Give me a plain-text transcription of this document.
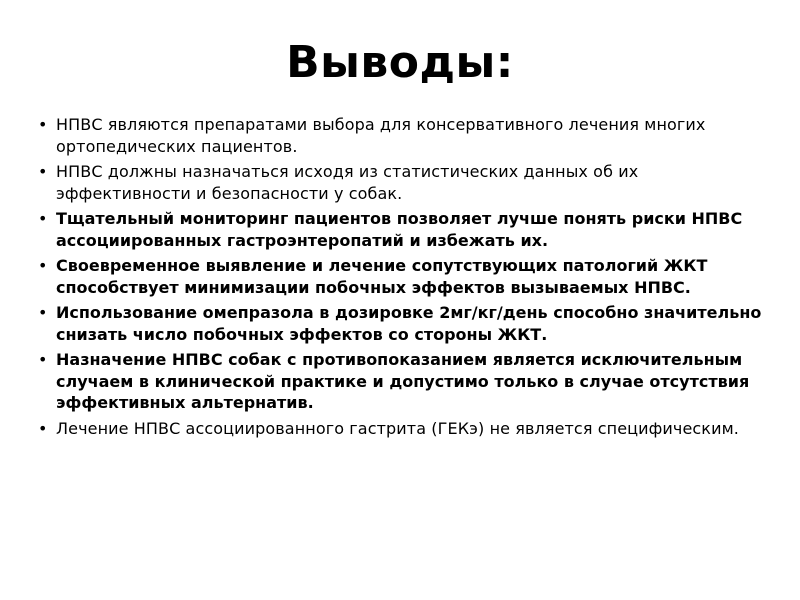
Выводы:
• НПВС являются препаратами выбора для консервативного лечения многих ортопедических пациентов.
• НПВС должны назначаться исходя из статистических данных об их эффективности и безопасности у собак.
• Тщательный мониторинг пациентов позволяет лучше понять риски НПВС ассоциированных гастроэнтеропатий и избежать их.
• Своевременное выявление и лечение сопутствующих патологий ЖКТ способствует минимизации побочных эффектов вызываемых НПВС.
• Использование омепразола в дозировке 2мг/кг/день способно значительно снизать число побочных эффектов со стороны ЖКТ.
• Назначение НПВС собак с противопоказанием является исключительным случаем в клинической практике и допустимо только в случае отсутствия эффективных альтернатив.
• Лечение НПВС ассоциированного гастрита (ГЕКэ) не является специфическим.
